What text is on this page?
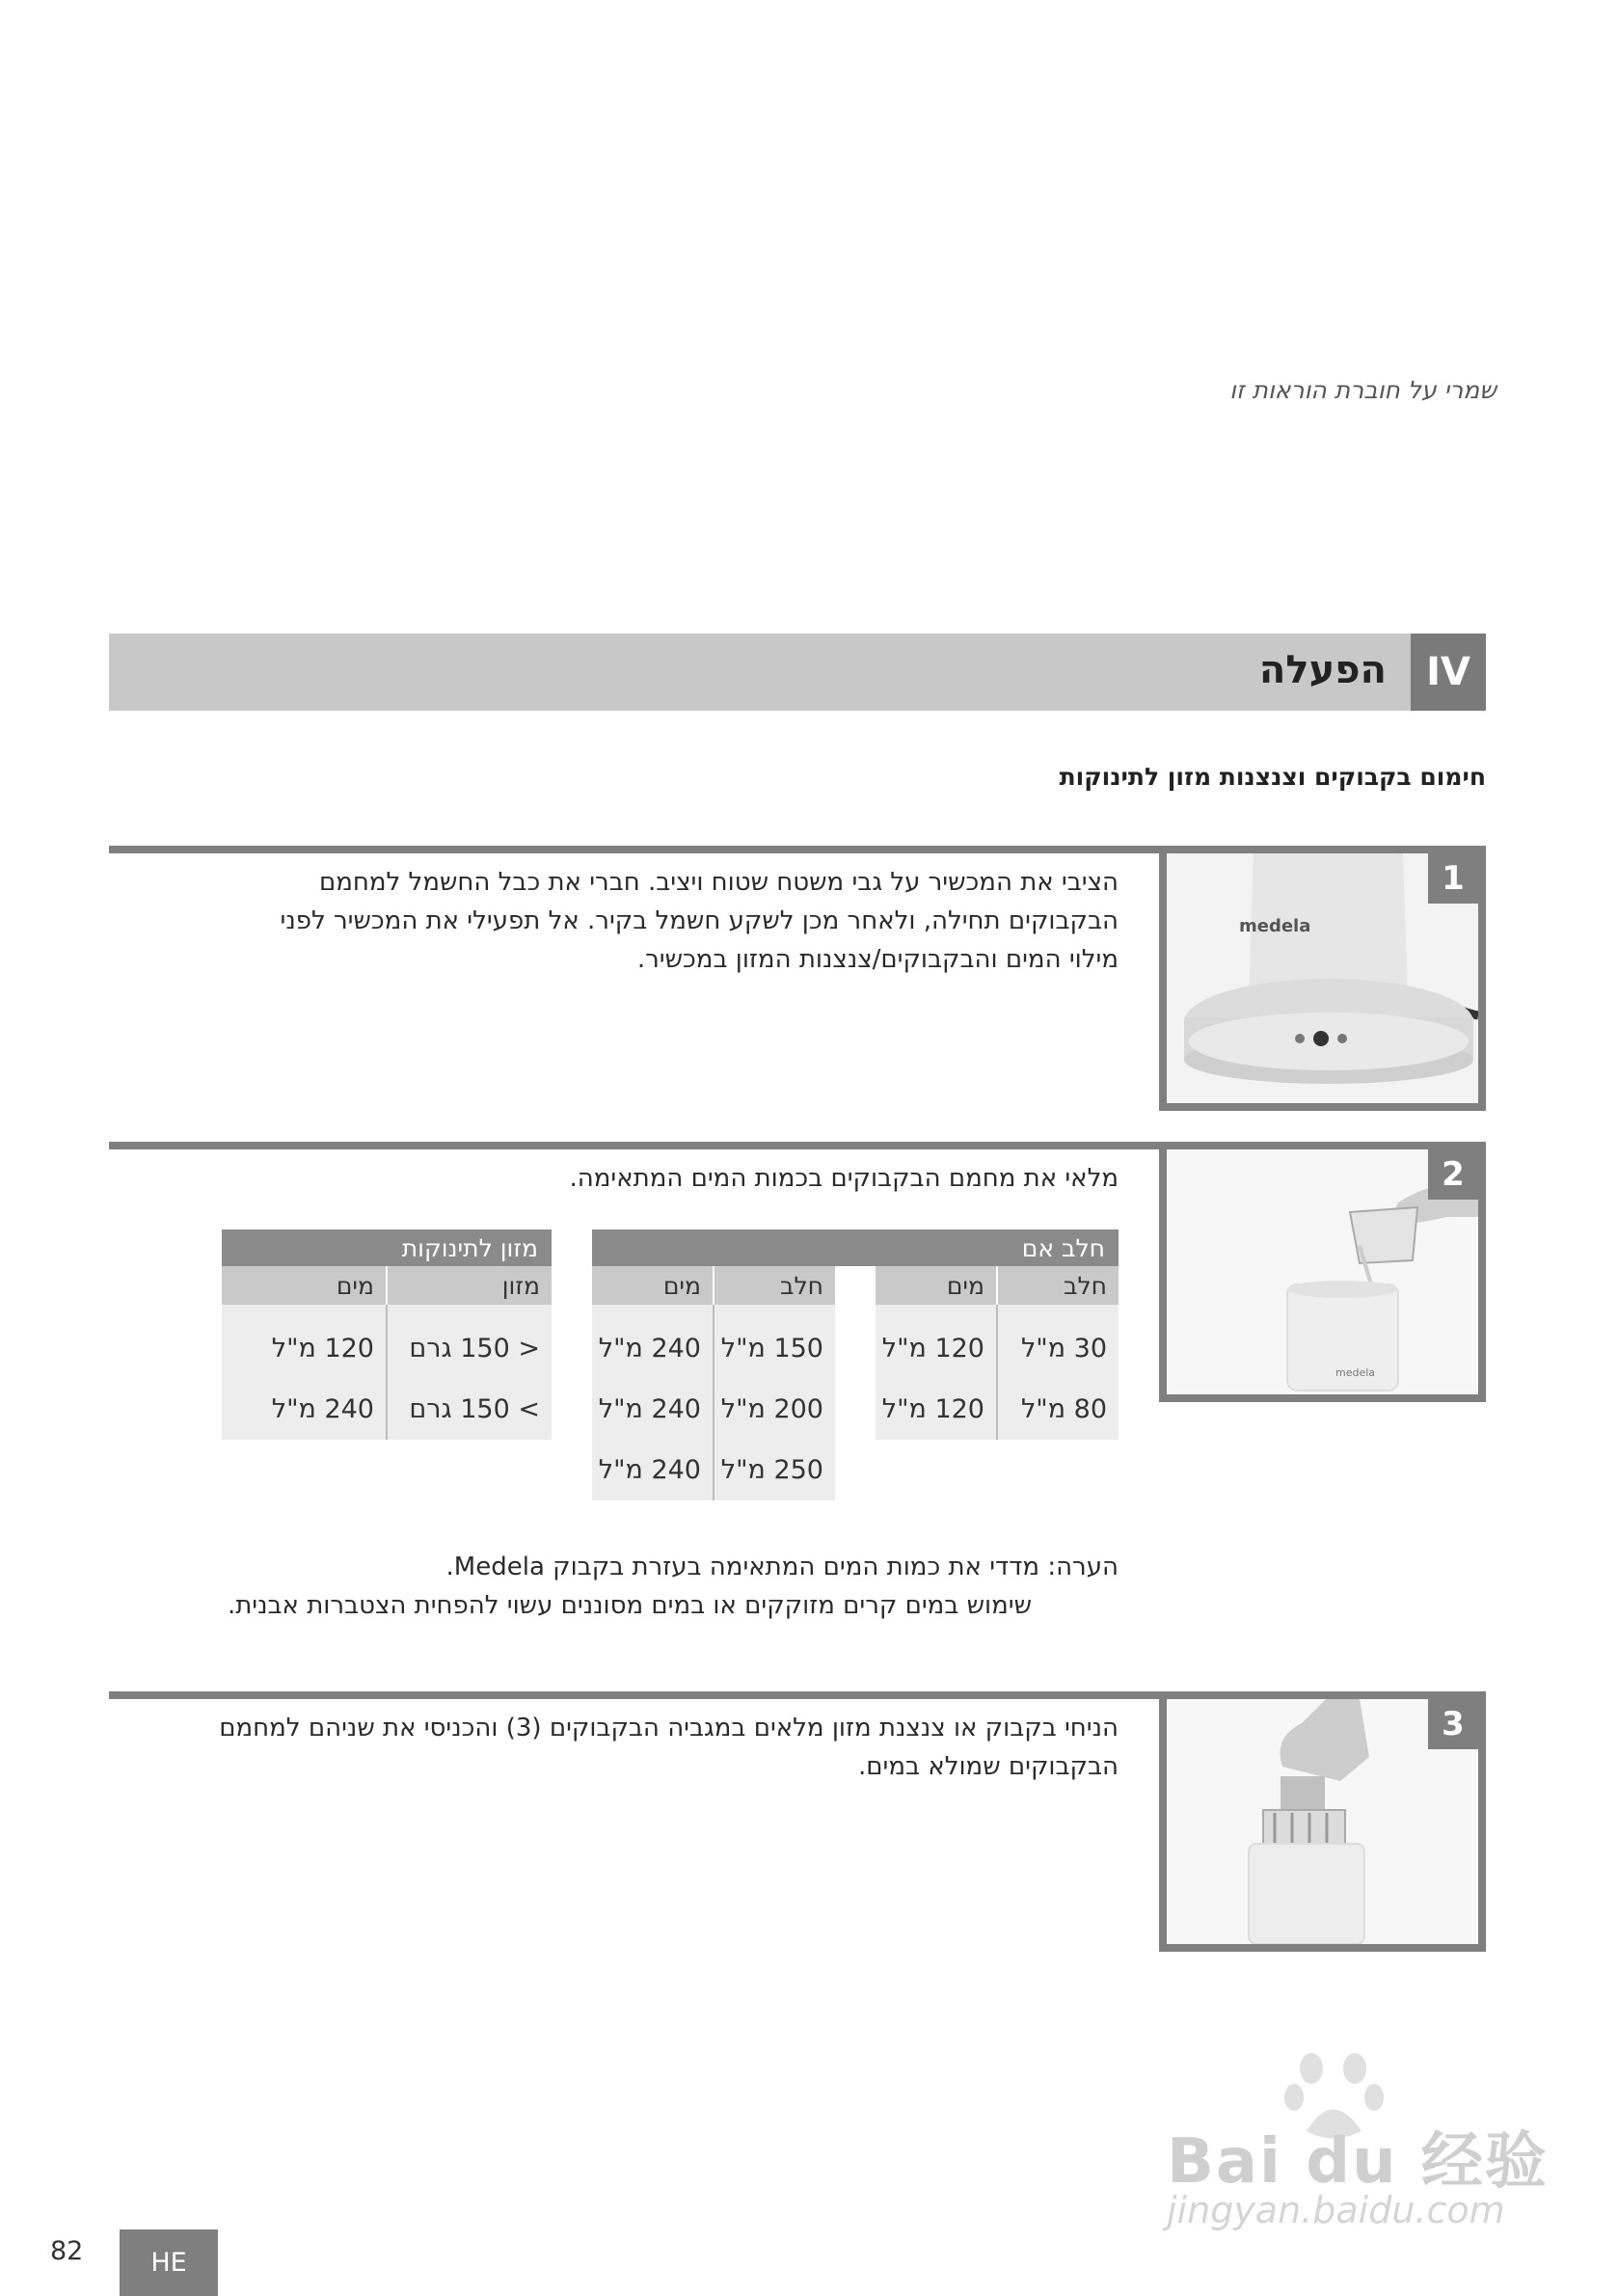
שמרי על חוברת הוראות זו
IV
הפעלה
חימום בקבוקים וצנצנות מזון לתינוקות
medela
1
הציבי את המכשיר על גבי משטח שטוח ויציב. חברי את כבל החשמל למחמם
הבקבוקים תחילה, ולאחר מכן לשקע חשמל בקיר. אל תפעילי את המכשיר לפני
מילוי המים והבקבוקים/צנצנות המזון במכשיר.
medela
2
מלאי את מחמם הבקבוקים בכמות המים המתאימה.
חלב אם
חלב
מים
30 מ"ל
80 מ"ל
120 מ"ל
120 מ"ל
חלב
מים
150 מ"ל
200 מ"ל
250 מ"ל
240 מ"ל
240 מ"ל
240 מ"ל
מזון לתינוקות
מזון
מים
< 150 גרם
> 150 גרם
120 מ"ל
240 מ"ל
הערה: מדדי את כמות המים המתאימה בעזרת בקבוק Medela.
שימוש במים קרים מזוקקים או במים מסוננים עשוי להפחית הצטברות אבנית.
3
הניחי בקבוק או צנצנת מזון מלאים במגביה הבקבוקים (3) והכניסי את שניהם למחמם
הבקבוקים שמולא במים.
Bai du 经验
jingyan.baidu.com
82	HE
